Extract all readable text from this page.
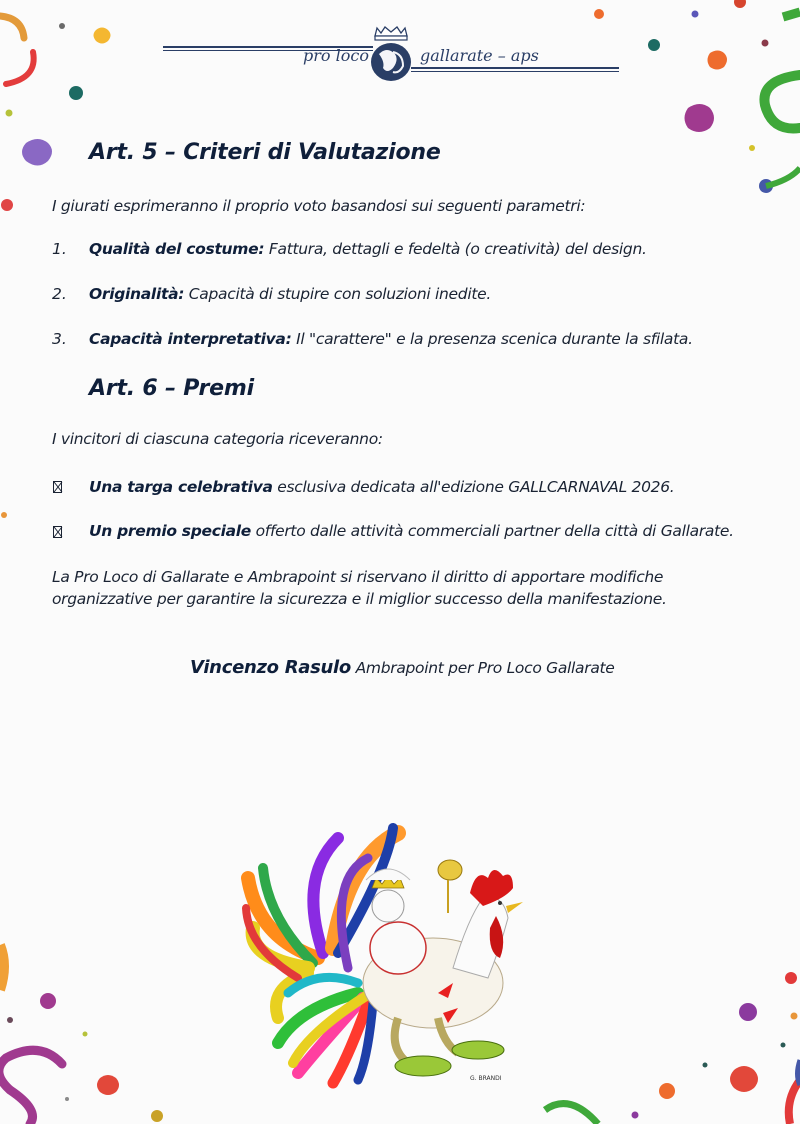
pro loco	gallarate – aps
Art. 5 – Criteri di Valutazione

I giurati esprimeranno il proprio voto basandosi sui seguenti parametri:

1. Qualità del costume: Fattura, dettagli e fedeltà (o creatività) del design.

2. Originalità: Capacità di stupire con soluzioni inedite.

3. Capacità interpretativa: Il "carattere" e la presenza scenica durante la sfilata.

Art. 6 – Premi

I vincitori di ciascuna categoria riceveranno:

Una targa celebrativa esclusiva dedicata all'edizione GALLCARNAVAL 2026.

Un premio speciale offerto dalle attività commerciali partner della città di Gallarate.

La Pro Loco di Gallarate e Ambrapoint si riservano il diritto di apportare modifiche

organizzative per garantire la sicurezza e il miglior successo della manifestazione.

Vincenzo Rasulo Ambrapoint per Pro Loco Gallarate
G. BRANDI
